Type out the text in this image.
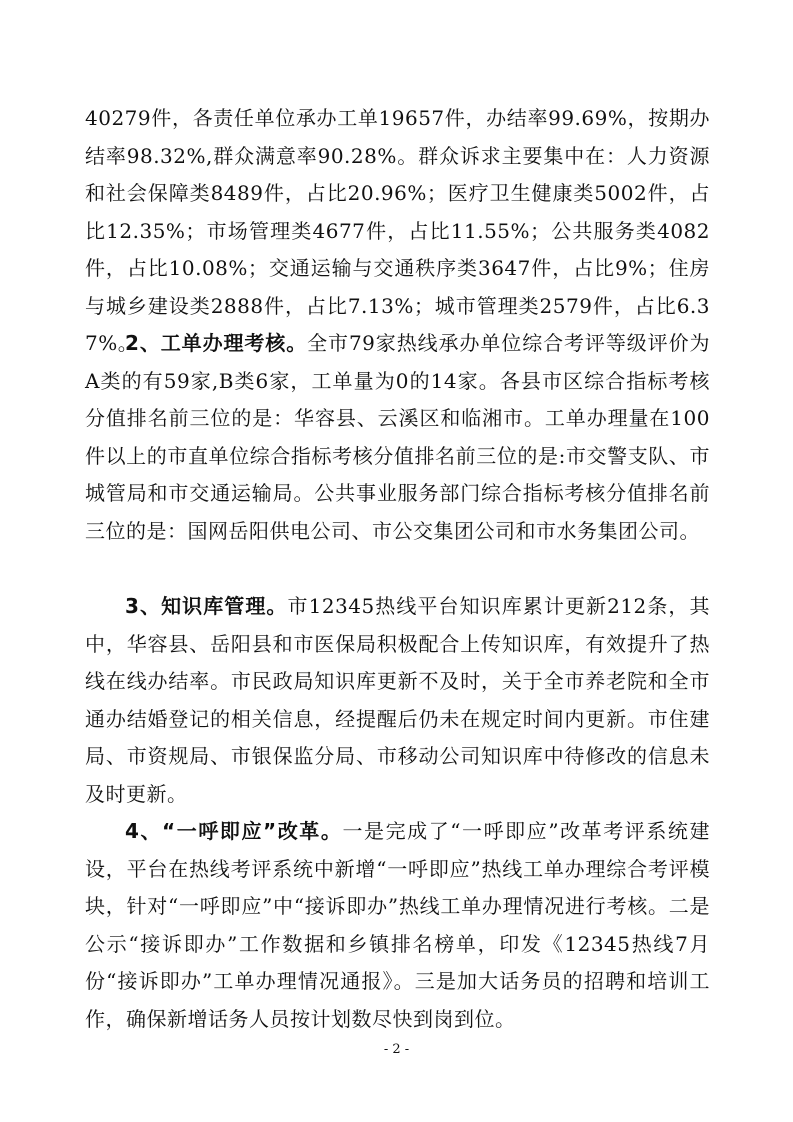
40279件，各责任单位承办工单19657件，办结率99.69%，按期办结率98.32%,群众满意率90.28%。群众诉求主要集中在：人力资源和社会保障类8489件，占比20.96%；医疗卫生健康类5002件，占比12.35%；市场管理类4677件，占比11.55%；公共服务类4082件，占比10.08%；交通运输与交通秩序类3647件，占比9%；住房与城乡建设类2888件，占比7.13%；城市管理类2579件，占比6.37%。

2、工单办理考核。全市79家热线承办单位综合考评等级评价为A类的有59家,B类6家，工单量为0的14家。各县市区综合指标考核分值排名前三位的是：华容县、云溪区和临湘市。工单办理量在100件以上的市直单位综合指标考核分值排名前三位的是:市交警支队、市城管局和市交通运输局。公共事业服务部门综合指标考核分值排名前三位的是：国网岳阳供电公司、市公交集团公司和市水务集团公司。

3、知识库管理。市12345热线平台知识库累计更新212条，其中，华容县、岳阳县和市医保局积极配合上传知识库，有效提升了热线在线办结率。市民政局知识库更新不及时，关于全市养老院和全市通办结婚登记的相关信息，经提醒后仍未在规定时间内更新。市住建局、市资规局、市银保监分局、市移动公司知识库中待修改的信息未及时更新。

4、“一呼即应”改革。一是完成了“一呼即应”改革考评系统建设，平台在热线考评系统中新增“一呼即应”热线工单办理综合考评模块，针对“一呼即应”中“接诉即办”热线工单办理情况进行考核。二是公示“接诉即办”工作数据和乡镇排名榜单，印发《12345热线7月份“接诉即办”工单办理情况通报》。三是加大话务员的招聘和培训工作，确保新增话务人员按计划数尽快到岗到位。

- 2 -
